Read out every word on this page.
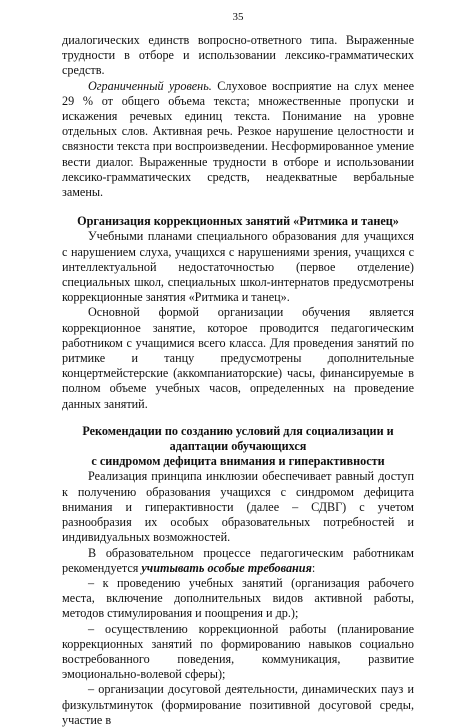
35

диалогических единств вопросно-ответного типа. Выраженные трудности в отборе и использовании лексико-грамматических средств.

Ограниченный уровень. Слуховое восприятие на слух менее 29 % от общего объема текста; множественные пропуски и искажения речевых единиц текста. Понимание на уровне отдельных слов. Активная речь. Резкое нарушение целостности и связности текста при воспроизведении. Несформированное умение вести диалог. Выраженные трудности в отборе и использовании лексико-грамматических средств, неадекватные вербальные замены.

Организация коррекционных занятий «Ритмика и танец»

Учебными планами специального образования для учащихся с нарушением слуха, учащихся с нарушениями зрения, учащихся с интеллектуальной недостаточностью (первое отделение) специальных школ, специальных школ-интернатов предусмотрены коррекционные занятия «Ритмика и танец».

Основной формой организации обучения является коррекционное занятие, которое проводится педагогическим работником с учащимися всего класса. Для проведения занятий по ритмике и танцу предусмотрены дополнительные концертмейстерские (аккомпаниаторские) часы, финансируемые в полном объеме учебных часов, определенных на проведение данных занятий.

Рекомендации по созданию условий для социализации и
адаптации обучающихся
с синдромом дефицита внимания и гиперактивности

Реализация принципа инклюзии обеспечивает равный доступ к получению образования учащихся с синдромом дефицита внимания и гиперактивности (далее – СДВГ) с учетом разнообразия их особых образовательных потребностей и индивидуальных возможностей.

В образовательном процессе педагогическим работникам рекомендуется учитывать особые требования:

– к проведению учебных занятий (организация рабочего места, включение дополнительных видов активной работы, методов стимулирования и поощрения и др.);

– осуществлению коррекционной работы (планирование коррекционных занятий по формированию навыков социально востребованного поведения, коммуникация, развитие эмоционально-волевой сферы);

– организации досуговой деятельности, динамических пауз и физкультминуток (формирование позитивной досуговой среды, участие в
